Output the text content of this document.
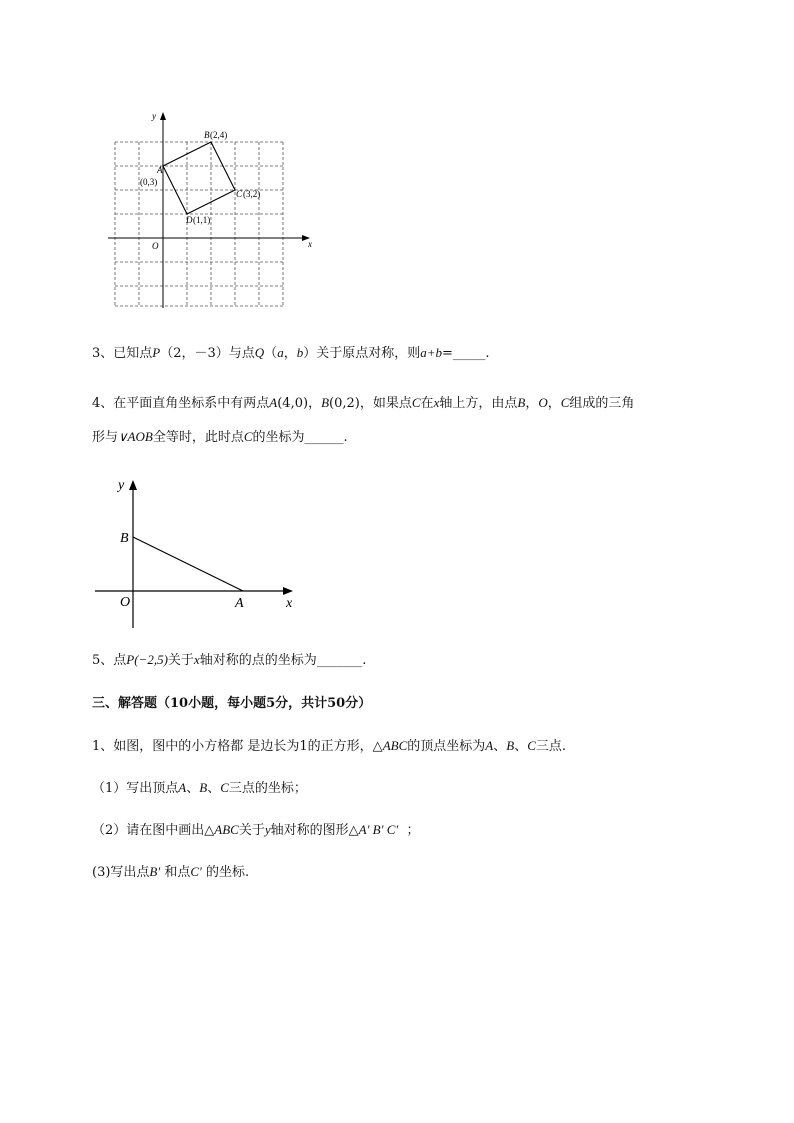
x
y
O
A
B
C
D
(0,3)
(2,4)
(3,2)
(1,1)
3、已知点P（2，－3）与点Q（a，b）关于原点对称，则a+b=_____.
4、在平面直角坐标系中有两点A(4,0)，B(0,2)，如果点C在x轴上方，由点B，O，C组成的三角
形与∨AOB全等时，此时点C的坐标为______.
x
y
O	A
B
5、点P(−2,5)关于x轴对称的点的坐标为_______.
三、解答题（10小题，每小题5分，共计50分）
1、如图，图中的小方格都 是边长为1的正方形，△ABC的顶点坐标为A、B、C三点.
（1）写出顶点A、B、C三点的坐标；
（2）请在图中画出△ABC关于y轴对称的图形△A′ B′ C′ ；
(3)写出点B′ 和点C′ 的坐标.
